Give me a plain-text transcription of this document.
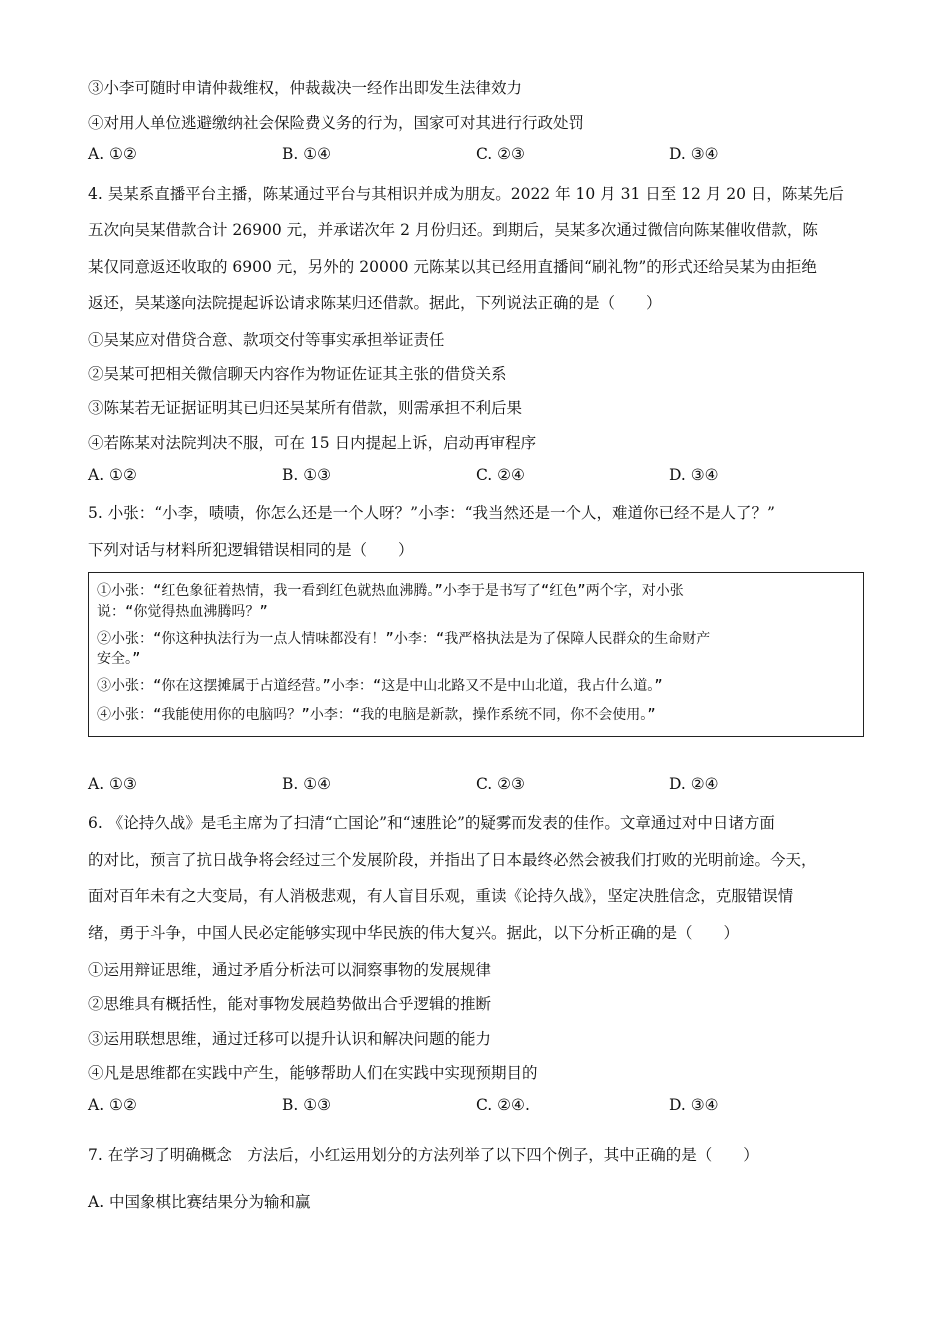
③小李可随时申请仲裁维权，仲裁裁决一经作出即发生法律效力
④对用人单位逃避缴纳社会保险费义务的行为，国家可对其进行行政处罚
A. ①②	B. ①④	C. ②③	D. ③④
4. 吴某系直播平台主播，陈某通过平台与其相识并成为朋友。2022 年 10 月 31 日至 12 月 20 日，陈某先后
五次向吴某借款合计 26900 元，并承诺次年 2 月份归还。到期后，吴某多次通过微信向陈某催收借款，陈
某仅同意返还收取的 6900 元，另外的 20000 元陈某以其已经用直播间“刷礼物”的形式还给吴某为由拒绝
返还，吴某遂向法院提起诉讼请求陈某归还借款。据此，下列说法正确的是（　　）
①吴某应对借贷合意、款项交付等事实承担举证责任
②吴某可把相关微信聊天内容作为物证佐证其主张的借贷关系
③陈某若无证据证明其已归还吴某所有借款，则需承担不利后果
④若陈某对法院判决不服，可在 15 日内提起上诉，启动再审程序
A. ①②	B. ①③	C. ②④	D. ③④
5. 小张：“小李，啧啧，你怎么还是一个人呀？”小李：“我当然还是一个人，难道你已经不是人了？”
下列对话与材料所犯逻辑错误相同的是（　　）
①小张：“红色象征着热情，我一看到红色就热血沸腾。”小李于是书写了“红色”两个字，对小张
说：“你觉得热血沸腾吗？”
②小张：“你这种执法行为一点人情味都没有！”小李：“我严格执法是为了保障人民群众的生命财产
安全。”
③小张：“你在这摆摊属于占道经营。”小李：“这是中山北路又不是中山北道，我占什么道。”
④小张：“我能使用你的电脑吗？”小李：“我的电脑是新款，操作系统不同，你不会使用。”
A. ①③	B. ①④	C. ②③	D. ②④
6. 《论持久战》是毛主席为了扫清“亡国论”和“速胜论”的疑雾而发表的佳作。文章通过对中日诸方面
的对比，预言了抗日战争将会经过三个发展阶段，并指出了日本最终必然会被我们打败的光明前途。今天，
面对百年未有之大变局，有人消极悲观，有人盲目乐观，重读《论持久战》，坚定决胜信念，克服错误情
绪，勇于斗争，中国人民必定能够实现中华民族的伟大复兴。据此，以下分析正确的是（　　）
①运用辩证思维，通过矛盾分析法可以洞察事物的发展规律
②思维具有概括性，能对事物发展趋势做出合乎逻辑的推断
③运用联想思维，通过迁移可以提升认识和解决问题的能力
④凡是思维都在实践中产生，能够帮助人们在实践中实现预期目的
A. ①②	B. ①③	C. ②④.	D. ③④
7. 在学习了明确概念　方法后，小红运用划分的方法列举了以下四个例子，其中正确的是（　　）
A. 中国象棋比赛结果分为输和赢
